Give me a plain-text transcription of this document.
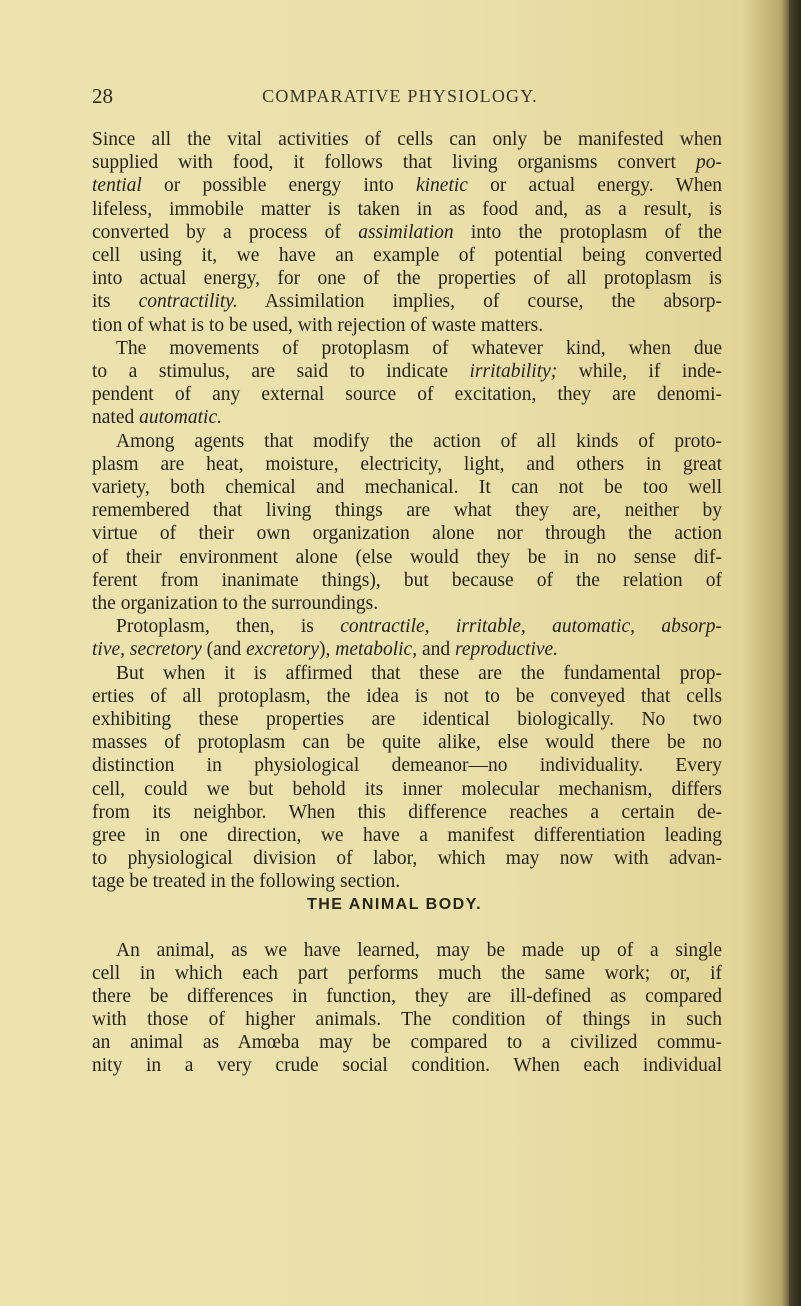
28	COMPARATIVE PHYSIOLOGY.
Since all the vital activities of cells can only be manifested when
supplied with food, it follows that living organisms convert po-
tential or possible energy into kinetic or actual energy. When
lifeless, immobile matter is taken in as food and, as a result, is
converted by a process of assimilation into the protoplasm of the
cell using it, we have an example of potential being converted
into actual energy, for one of the properties of all protoplasm is
its contractility. Assimilation implies, of course, the absorp-
tion of what is to be used, with rejection of waste matters.
The movements of protoplasm of whatever kind, when due
to a stimulus, are said to indicate irritability; while, if inde-
pendent of any external source of excitation, they are denomi-
nated automatic.
Among agents that modify the action of all kinds of proto-
plasm are heat, moisture, electricity, light, and others in great
variety, both chemical and mechanical. It can not be too well
remembered that living things are what they are, neither by
virtue of their own organization alone nor through the action
of their environment alone (else would they be in no sense dif-
ferent from inanimate things), but because of the relation of
the organization to the surroundings.
Protoplasm, then, is contractile, irritable, automatic, absorp-
tive, secretory (and excretory), metabolic, and reproductive.
But when it is affirmed that these are the fundamental prop-
erties of all protoplasm, the idea is not to be conveyed that cells
exhibiting these properties are identical biologically. No two
masses of protoplasm can be quite alike, else would there be no
distinction in physiological demeanor—no individuality. Every
cell, could we but behold its inner molecular mechanism, differs
from its neighbor. When this difference reaches a certain de-
gree in one direction, we have a manifest differentiation leading
to physiological division of labor, which may now with advan-
tage be treated in the following section.
An animal, as we have learned, may be made up of a single
cell in which each part performs much the same work; or, if
there be differences in function, they are ill-defined as compared
with those of higher animals. The condition of things in such
an animal as Amœba may be compared to a civilized commu-
nity in a very crude social condition. When each individual
THE ANIMAL BODY.
